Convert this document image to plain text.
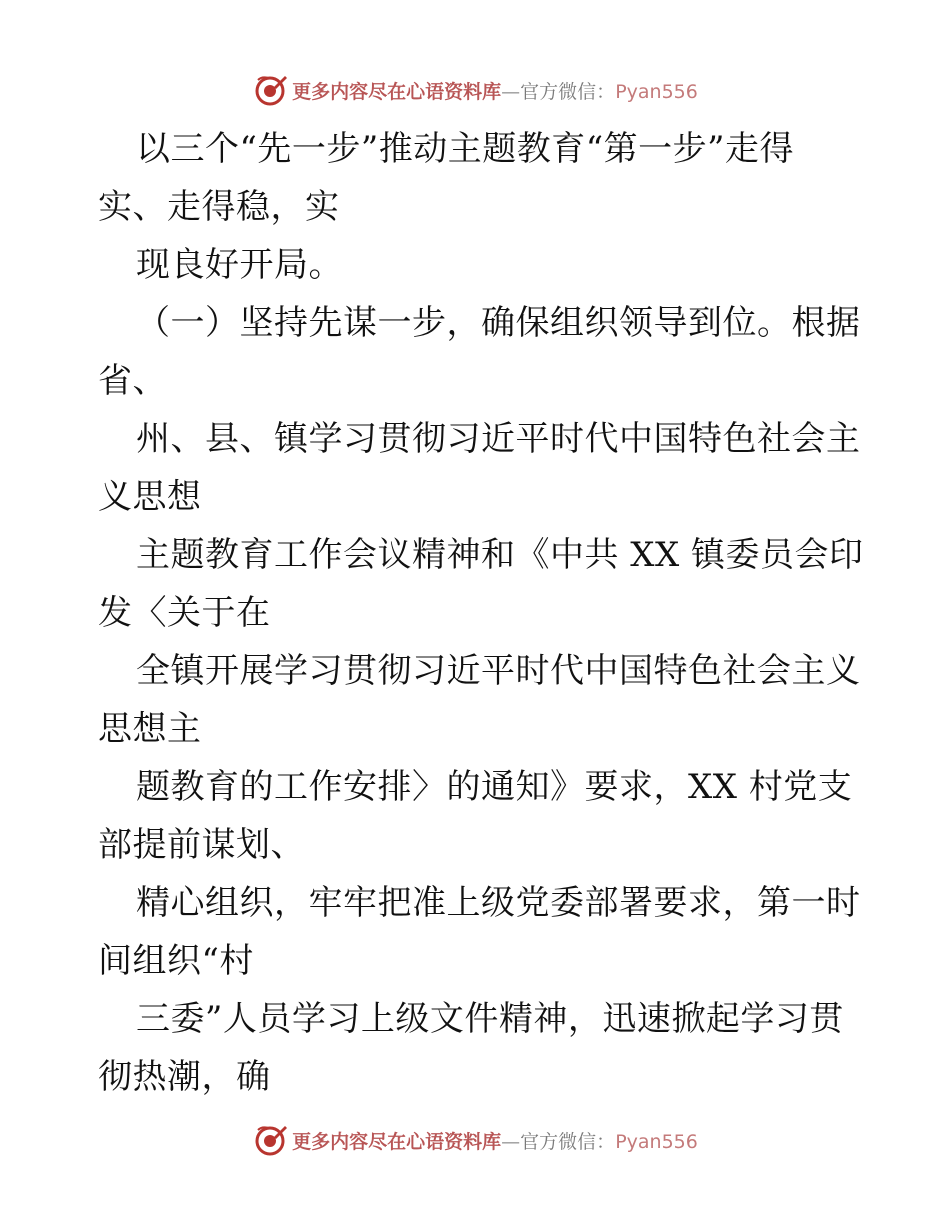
更多内容尽在心语资料库—官方微信：Pyan556
以三个“先一步”推动主题教育“第一步”走得
实、走得稳，实
现良好开局。
（一）坚持先谋一步，确保组织领导到位。根据
省、
州、县、镇学习贯彻习近平时代中国特色社会主
义思想
主题教育工作会议精神和《中共 XX 镇委员会印
发〈关于在
全镇开展学习贯彻习近平时代中国特色社会主义
思想主
题教育的工作安排〉的通知》要求，XX 村党支
部提前谋划、
精心组织，牢牢把准上级党委部署要求，第一时
间组织“村
三委”人员学习上级文件精神，迅速掀起学习贯
彻热潮，确
更多内容尽在心语资料库—官方微信：Pyan556
